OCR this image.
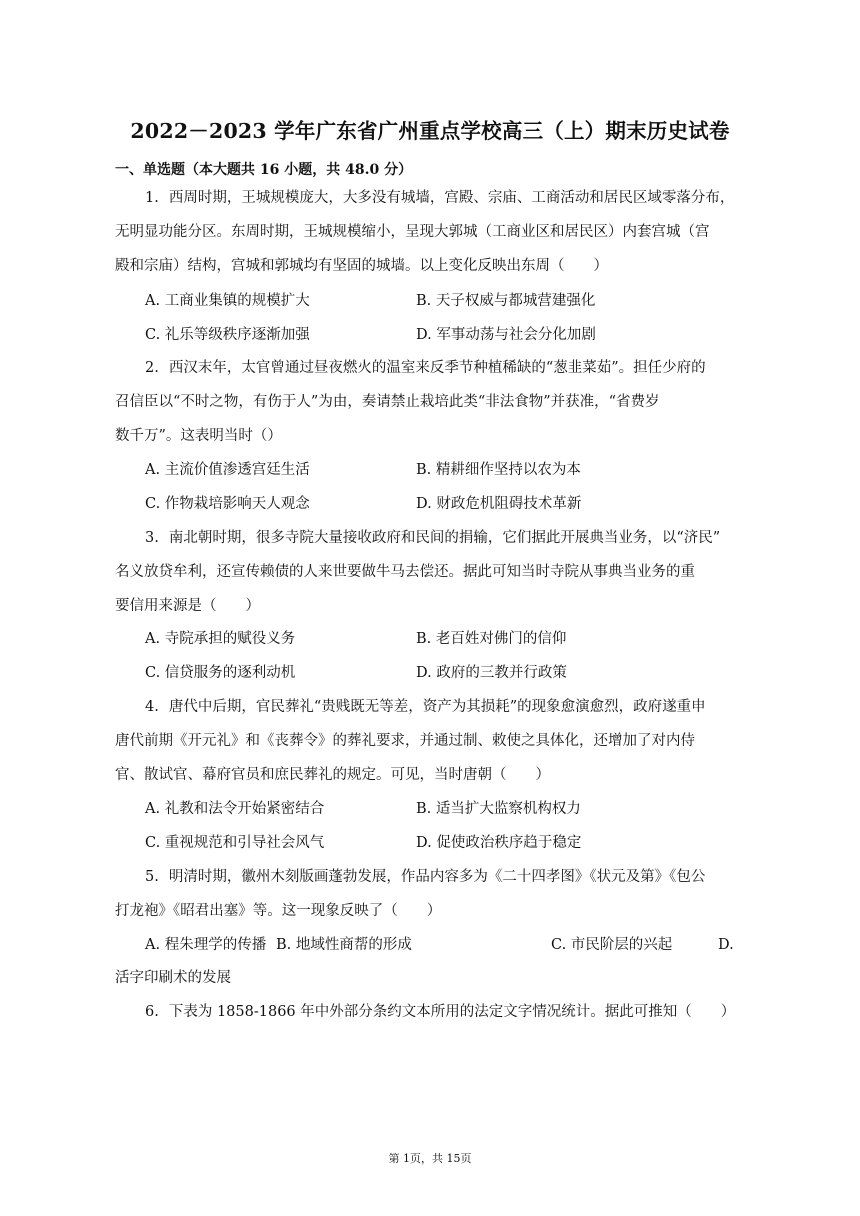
2022－2023 学年广东省广州重点学校高三（上）期末历史试卷
一、单选题（本大题共 16 小题，共 48.0 分）
1. 西周时期，王城规模庞大，大多没有城墙，宫殿、宗庙、工商活动和居民区域零落分布，
无明显功能分区。东周时期，王城规模缩小，呈现大郭城（工商业区和居民区）内套宫城（宫
殿和宗庙）结构，宫城和郭城均有坚固的城墙。以上变化反映出东周（　　）
A. 工商业集镇的规模扩大	B. 天子权威与都城营建强化
C. 礼乐等级秩序逐渐加强	D. 军事动荡与社会分化加剧
2. 西汉末年，太官曾通过昼夜燃火的温室来反季节种植稀缺的“葱韭菜茹”。担任少府的
召信臣以“不时之物，有伤于人”为由，奏请禁止栽培此类“非法食物”并获准，“省费岁
数千万”。这表明当时（）
A. 主流价值渗透宫廷生活	B. 精耕细作坚持以农为本
C. 作物栽培影响天人观念	D. 财政危机阻碍技术革新
3. 南北朝时期，很多寺院大量接收政府和民间的捐输，它们据此开展典当业务，以“济民”
名义放贷牟利，还宣传赖债的人来世要做牛马去偿还。据此可知当时寺院从事典当业务的重
要信用来源是（　　）
A. 寺院承担的赋役义务	B. 老百姓对佛门的信仰
C. 信贷服务的逐利动机	D. 政府的三教并行政策
4. 唐代中后期，官民葬礼“贵贱既无等差，资产为其损耗”的现象愈演愈烈，政府遂重申
唐代前期《开元礼》和《丧葬令》的葬礼要求，并通过制、敕使之具体化，还增加了对内侍
官、散试官、幕府官员和庶民葬礼的规定。可见，当时唐朝（　　）
A. 礼教和法令开始紧密结合	B. 适当扩大监察机构权力
C. 重视规范和引导社会风气	D. 促使政治秩序趋于稳定
5. 明清时期，徽州木刻版画蓬勃发展，作品内容多为《二十四孝图》《状元及第》《包公
打龙袍》《昭君出塞》等。这一现象反映了（　　）
A. 程朱理学的传播 B. 地域性商帮的形成	C. 市民阶层的兴起	D.
活字印刷术的发展
6. 下表为 1858-1866 年中外部分条约文本所用的法定文字情况统计。据此可推知（　　）
第 1页，共 15页
